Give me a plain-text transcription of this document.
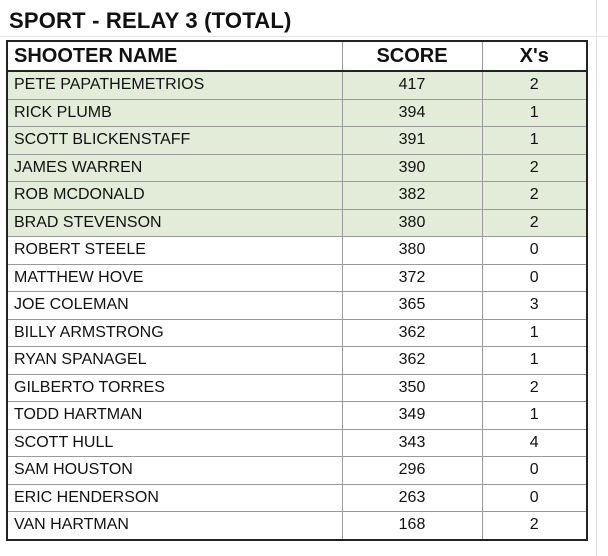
SPORT - RELAY 3 (TOTAL)
SHOOTER NAME	SCORE	X's
PETE PAPATHEMETRIOS	417	2
RICK PLUMB	394	1
SCOTT BLICKENSTAFF	391	1
JAMES WARREN	390	2
ROB MCDONALD	382	2
BRAD STEVENSON	380	2
ROBERT STEELE	380	0
MATTHEW HOVE	372	0
JOE COLEMAN	365	3
BILLY ARMSTRONG	362	1
RYAN SPANAGEL	362	1
GILBERTO TORRES	350	2
TODD HARTMAN	349	1
SCOTT HULL	343	4
SAM HOUSTON	296	0
ERIC HENDERSON	263	0
VAN HARTMAN	168	2
